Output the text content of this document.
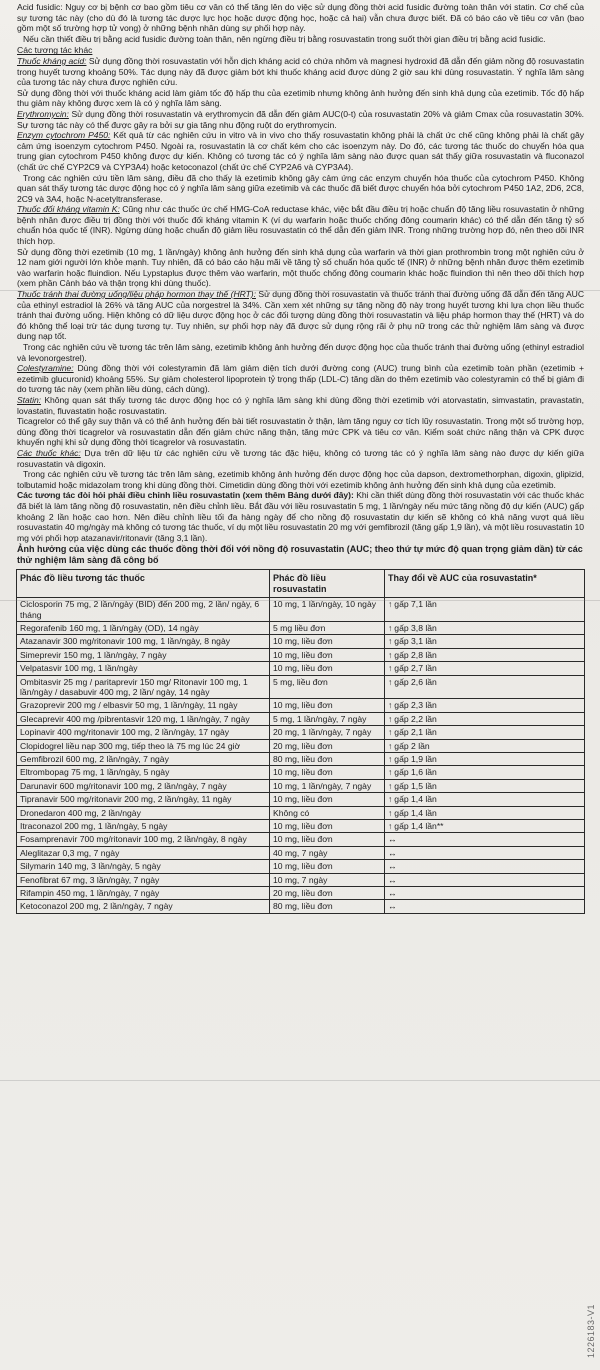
Acid fusidic: Nguy cơ bị bệnh cơ bao gồm tiêu cơ vân có thể tăng lên do việc sử dụng đồng thời acid fusidic đường toàn thân với statin. Cơ chế của sự tương tác này (cho dù đó là tương tác dược lực học hoặc dược động học, hoặc cả hai) vẫn chưa được biết. Đã có báo cáo về tiêu cơ vân (bao gồm một số trường hợp tử vong) ở những bệnh nhân dùng sự phối hợp này.

Nếu cần thiết điều trị bằng acid fusidic đường toàn thân, nên ngừng điều trị bằng rosuvastatin trong suốt thời gian điều trị bằng acid fusidic.

Các tương tác khác

Thuốc kháng acid: Sử dụng đồng thời rosuvastatin với hỗn dịch kháng acid có chứa nhôm và magnesi hydroxid đã dẫn đến giảm nồng độ rosuvastatin trong huyết tương khoảng 50%. Tác dụng này đã được giảm bớt khi thuốc kháng acid được dùng 2 giờ sau khi dùng rosuvastatin. Ý nghĩa lâm sàng của tương tác này chưa được nghiên cứu.

Sử dụng đồng thời với thuốc kháng acid làm giảm tốc độ hấp thu của ezetimib nhưng không ảnh hưởng đến sinh khả dụng của ezetimib. Tốc độ hấp thu giảm này không được xem là có ý nghĩa lâm sàng.

Erythromycin: Sử dụng đồng thời rosuvastatin và erythromycin đã dẫn đến giảm AUC(0-t) của rosuvastatin 20% và giảm Cmax của rosuvastatin 30%. Sự tương tác này có thể được gây ra bởi sự gia tăng nhu động ruột do erythromycin.

Enzym cytochrom P450: Kết quả từ các nghiên cứu in vitro và in vivo cho thấy rosuvastatin không phải là chất ức chế cũng không phải là chất gây cảm ứng isoenzym cytochrom P450. Ngoài ra, rosuvastatin là cơ chất kém cho các isoenzym này. Do đó, các tương tác thuốc do chuyển hóa qua trung gian cytochrom P450 không được dự kiến. Không có tương tác có ý nghĩa lâm sàng nào được quan sát thấy giữa rosuvastatin và fluconazol (chất ức chế CYP2C9 và CYP3A4) hoặc ketoconazol (chất ức chế CYP2A6 và CYP3A4).

Trong các nghiên cứu tiền lâm sàng, điều đã cho thấy là ezetimib không gây cảm ứng các enzym chuyển hóa thuốc của cytochrom P450. Không quan sát thấy tương tác dược động học có ý nghĩa lâm sàng giữa ezetimib và các thuốc đã biết được chuyển hóa bởi cytochrom P450 1A2, 2D6, 2C8, 2C9 và 3A4, hoặc N-acetyltransferase.

Thuốc đối kháng vitamin K: Cũng như các thuốc ức chế HMG-CoA reductase khác, việc bắt đầu điều trị hoặc chuẩn độ tăng liều rosuvastatin ở những bệnh nhân được điều trị đồng thời với thuốc đối kháng vitamin K (ví dụ warfarin hoặc thuốc chống đông coumarin khác) có thể dẫn đến tăng tỷ số chuẩn hóa quốc tế (INR). Ngừng dùng hoặc chuẩn độ giảm liều rosuvastatin có thể dẫn đến giảm INR. Trong những trường hợp đó, nên theo dõi INR thích hợp.

Sử dụng đồng thời ezetimib (10 mg, 1 lần/ngày) không ảnh hưởng đến sinh khả dụng của warfarin và thời gian prothrombin trong một nghiên cứu ở 12 nam giới người lớn khỏe mạnh. Tuy nhiên, đã có báo cáo hậu mãi về tăng tỷ số chuẩn hóa quốc tế (INR) ở những bệnh nhân được thêm ezetimib vào warfarin hoặc fluindion. Nếu Lypstaplus được thêm vào warfarin, một thuốc chống đông coumarin khác hoặc fluindion thì nên theo dõi thích hợp (xem phần Cảnh báo và thận trọng khi dùng thuốc).

Thuốc tránh thai đường uống/liệu pháp hormon thay thế (HRT): Sử dụng đồng thời rosuvastatin và thuốc tránh thai đường uống đã dẫn đến tăng AUC của ethinyl estradiol là 26% và tăng AUC của norgestrel là 34%. Cần xem xét những sự tăng nồng độ này trong huyết tương khi lựa chọn liều thuốc tránh thai đường uống. Hiện không có dữ liệu dược động học ở các đối tượng dùng đồng thời rosuvastatin và liệu pháp hormon thay thế (HRT) và do đó không thể loại trừ tác dụng tương tự. Tuy nhiên, sự phối hợp này đã được sử dụng rộng rãi ở phụ nữ trong các thử nghiệm lâm sàng và được dung nạp tốt.

Trong các nghiên cứu về tương tác trên lâm sàng, ezetimib không ảnh hưởng đến dược động học của thuốc tránh thai đường uống (ethinyl estradiol và levonorgestrel).

Colestyramine: Dùng đồng thời với colestyramin đã làm giảm diện tích dưới đường cong (AUC) trung bình của ezetimib toàn phần (ezetimib + ezetimib glucuronid) khoảng 55%. Sự giảm cholesterol lipoprotein tỷ trọng thấp (LDL-C) tăng dần do thêm ezetimib vào colestyramin có thể bị giảm đi do tương tác này (xem phần liều dùng, cách dùng).

Statin: Không quan sát thấy tương tác dược động học có ý nghĩa lâm sàng khi dùng đồng thời ezetimib với atorvastatin, simvastatin, pravastatin, lovastatin, fluvastatin hoặc rosuvastatin.

Ticagrelor có thể gây suy thận và có thể ảnh hưởng đến bài tiết rosuvastatin ở thận, làm tăng nguy cơ tích lũy rosuvastatin. Trong một số trường hợp, dùng đồng thời ticagrelor và rosuvastatin dẫn đến giảm chức năng thận, tăng mức CPK và tiêu cơ vân. Kiểm soát chức năng thận và CPK được khuyến nghị khi sử dụng đồng thời ticagrelor và rosuvastatin.

Các thuốc khác: Dựa trên dữ liệu từ các nghiên cứu về tương tác đặc hiệu, không có tương tác có ý nghĩa lâm sàng nào được dự kiến giữa rosuvastatin và digoxin.

Trong các nghiên cứu về tương tác trên lâm sàng, ezetimib không ảnh hưởng đến dược động học của dapson, dextromethorphan, digoxin, glipizid, tolbutamid hoặc midazolam trong khi dùng đồng thời. Cimetidin dùng đồng thời với ezetimib không ảnh hưởng đến sinh khả dụng của ezetimib.

Các tương tác đòi hỏi phải điều chỉnh liều rosuvastatin (xem thêm Bảng dưới đây): Khi cần thiết dùng đồng thời rosuvastatin với các thuốc khác đã biết là làm tăng nồng độ rosuvastatin, nên điều chỉnh liều. Bắt đầu với liều rosuvastatin 5 mg, 1 lần/ngày nếu mức tăng nồng độ dự kiến (AUC) gấp khoảng 2 lần hoặc cao hơn. Nên điều chỉnh liều tối đa hàng ngày để cho nồng độ rosuvastatin dự kiến sẽ không có khả năng vượt quá liều rosuvastatin 40 mg/ngày mà không có tương tác thuốc, ví dụ một liều rosuvastatin 20 mg với gemfibrozil (tăng gấp 1,9 lần), và một liều rosuvastatin 10 mg với phối hợp atazanavir/ritonavir (tăng 3,1 lần).

Ảnh hưởng của việc dùng các thuốc đồng thời đối với nồng độ rosuvastatin (AUC; theo thứ tự mức độ quan trọng giảm dần) từ các thử nghiệm lâm sàng đã công bố
Phác đồ liều tương tác thuốc	Phác đồ liều rosuvastatin	Thay đổi về AUC của rosuvastatin*
Ciclosporin 75 mg, 2 lần/ngày (BID) đến 200 mg, 2 lần/ ngày, 6 tháng	10 mg, 1 lần/ngày, 10 ngày	↑ gấp 7,1 lần
Regorafenib 160 mg, 1 lần/ngày (OD), 14 ngày	5 mg liều đơn	↑ gấp 3,8 lần
Atazanavir 300 mg/ritonavir 100 mg, 1 lần/ngày, 8 ngày	10 mg, liều đơn	↑ gấp 3,1 lần
Simeprevir 150 mg, 1 lần/ngày, 7 ngày	10 mg, liều đơn	↑ gấp 2,8 lần
Velpatasvir 100 mg, 1 lần/ngày	10 mg, liều đơn	↑ gấp 2,7 lần
Ombitasvir 25 mg / paritaprevir 150 mg/ Ritonavir 100 mg, 1 lần/ngày / dasabuvir 400 mg, 2 lần/ ngày, 14 ngày	5 mg, liều đơn	↑ gấp 2,6 lần
Grazoprevir 200 mg / elbasvir 50 mg, 1 lần/ngày, 11 ngày	10 mg, liều đơn	↑ gấp 2,3 lần
Glecaprevir 400 mg /pibrentasvir 120 mg, 1 lần/ngày, 7 ngày	5 mg, 1 lần/ngày, 7 ngày	↑ gấp 2,2 lần
Lopinavir 400 mg/ritonavir 100 mg, 2 lần/ngày, 17 ngày	20 mg, 1 lần/ngày, 7 ngày	↑ gấp 2,1 lần
Clopidogrel liều nạp 300 mg, tiếp theo là 75 mg lúc 24 giờ	20 mg, liều đơn	↑ gấp 2 lần
Gemfibrozil 600 mg, 2 lần/ngày, 7 ngày	80 mg, liều đơn	↑ gấp 1,9 lần
Eltrombopag 75 mg, 1 lần/ngày, 5 ngày	10 mg, liều đơn	↑ gấp 1,6 lần
Darunavir 600 mg/ritonavir 100 mg, 2 lần/ngày, 7 ngày	10 mg, 1 lần/ngày, 7 ngày	↑ gấp 1,5 lần
Tipranavir 500 mg/ritonavir 200 mg, 2 lần/ngày, 11 ngày	10 mg, liều đơn	↑ gấp 1,4 lần
Dronedaron 400 mg, 2 lần/ngày	Không có	↑ gấp 1,4 lần
Itraconazol 200 mg, 1 lần/ngày, 5 ngày	10 mg, liều đơn	↑ gấp 1,4 lần**
Fosamprenavir 700 mg/ritonavir 100 mg, 2 lần/ngày, 8 ngày	10 mg, liều đơn	↔
Aleglitazar 0,3 mg, 7 ngày	40 mg, 7 ngày	↔
Silymarin 140 mg, 3 lần/ngày, 5 ngày	10 mg, liều đơn	↔
Fenofibrat 67 mg, 3 lần/ngày, 7 ngày	10 mg, 7 ngày	↔
Rifampin 450 mg, 1 lần/ngày, 7 ngày	20 mg, liều đơn	↔
Ketoconazol 200 mg, 2 lần/ngày, 7 ngày	80 mg, liều đơn	↔
1226183-V1
